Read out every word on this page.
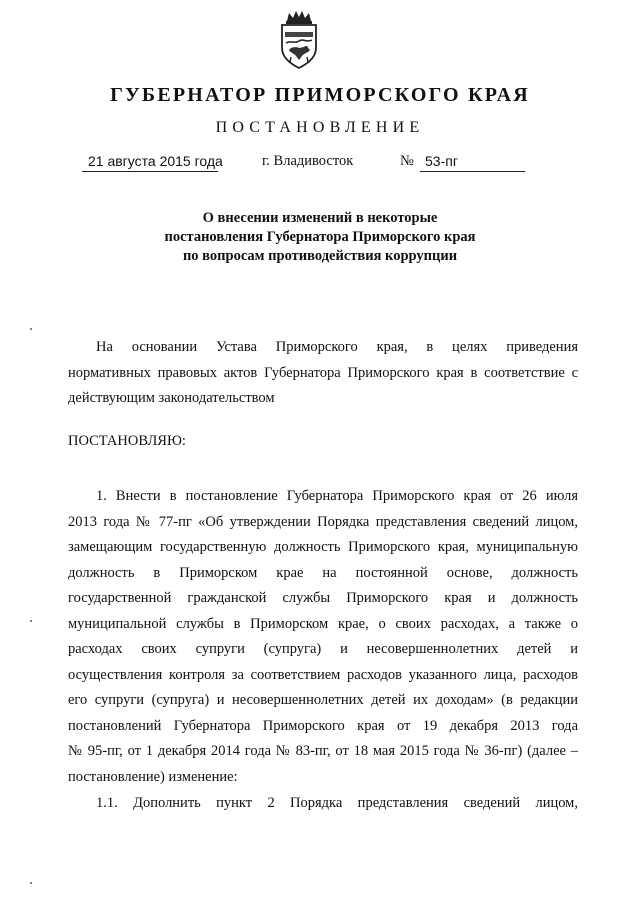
ГУБЕРНАТОР ПРИМОРСКОГО КРАЯ
ПОСТАНОВЛЕНИЕ
21 августа 2015 года	г. Владивосток	№ 53-пг
О внесении изменений в некоторые
постановления Губернатора Приморского края
по вопросам противодействия коррупции
На основании Устава Приморского края, в целях приведения
нормативных правовых актов Губернатора Приморского края в соответствие с
действующим законодательством
ПОСТАНОВЛЯЮ:
1. Внести в постановление Губернатора Приморского края от 26 июля
2013 года № 77-пг «Об утверждении Порядка представления сведений лицом,
замещающим государственную должность Приморского края, муниципальную
должность в Приморском крае на постоянной основе, должность
государственной гражданской службы Приморского края и должность
муниципальной службы в Приморском крае, о своих расходах, а также о
расходах своих супруги (супруга) и несовершеннолетних детей и
осуществления контроля за соответствием расходов указанного лица, расходов
его супруги (супруга) и несовершеннолетних детей их доходам» (в редакции
постановлений Губернатора Приморского края от 19 декабря 2013 года
№ 95-пг, от 1 декабря 2014 года № 83-пг, от 18 мая 2015 года № 36-пг) (далее –
постановление) изменение:
1.1. Дополнить пункт 2 Порядка представления сведений лицом,
